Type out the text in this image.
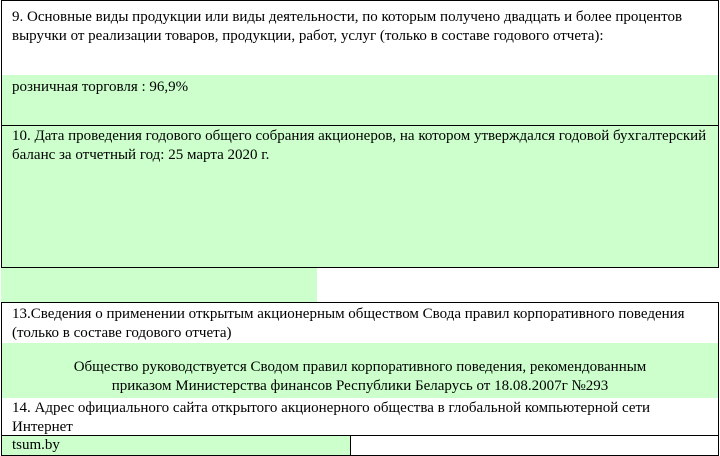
9. Основные виды продукции или виды деятельности, по которым получено двадцать и более процентов выручки от реализации товаров, продукции, работ, услуг (только в составе годового отчета):
розничная торговля : 96,9%
10. Дата проведения годового общего собрания акционеров, на котором утверждался годовой бухгалтерский баланс за отчетный год: 25 марта 2020 г.
13.Сведения о применении открытым акционерным обществом Свода правил корпоративного поведения (только в составе годового отчета)
Общество руководствуется Сводом правил корпоративного поведения, рекомендованным
приказом Министерства финансов Республики Беларусь от 18.08.2007г №293
14. Адрес официального сайта открытого акционерного общества в глобальной компьютерной сети Интернет
tsum.by
